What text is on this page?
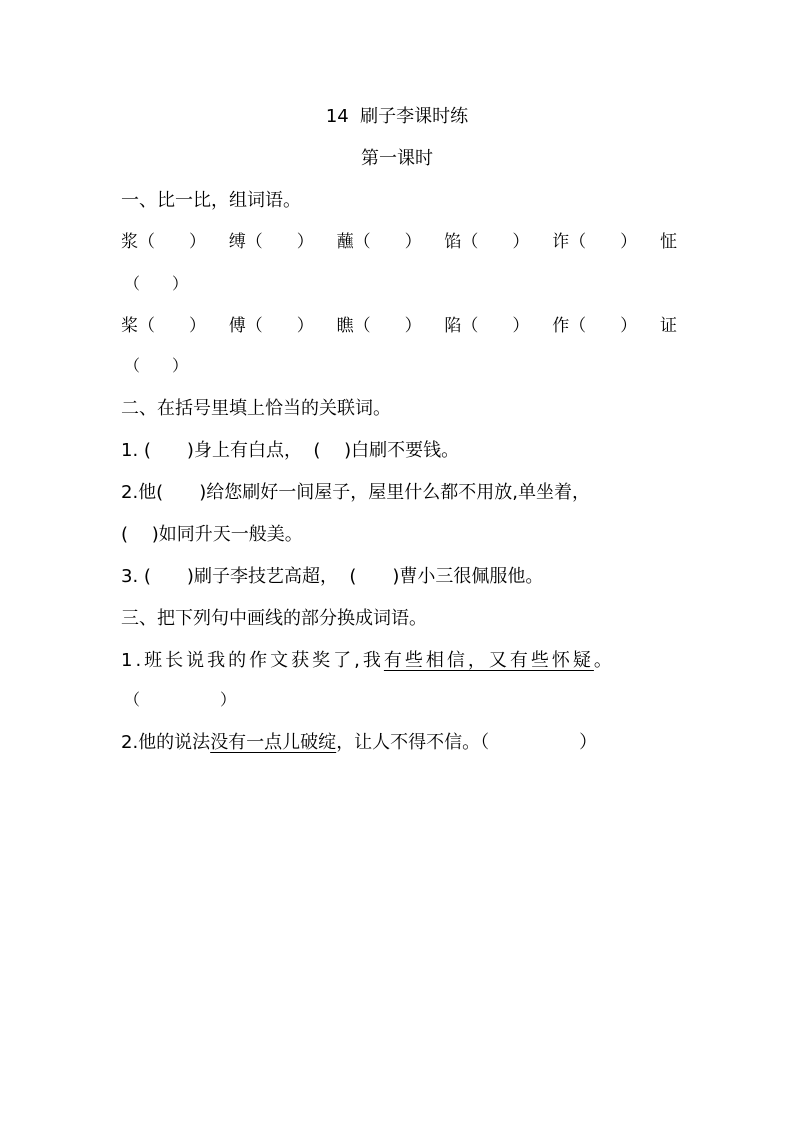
14  刷子李课时练
第一课时
一、比一比，组词语。
浆（　　） 缚（　　） 蘸（　　） 馅（　　） 诈（　　） 怔
（　　）
桨（　　） 傅（　　） 瞧（　　） 陷（　　） 作（　　） 证
（　　）
二、在括号里填上恰当的关联词。
1. (　　)身上有白点，  (　 )白刷不要钱。
2.他(　　)给您刷好一间屋子，屋里什么都不用放,单坐着，
(　 )如同升天一般美。
3. (　　)刷子李技艺高超，  (　　)曹小三很佩服他。
三、把下列句中画线的部分换成词语。
1.班长说我的作文获奖了,我有些相信，又有些怀疑。
（　　　　　）
2.他的说法没有一点儿破绽，让人不得不信。（　　　　　）
